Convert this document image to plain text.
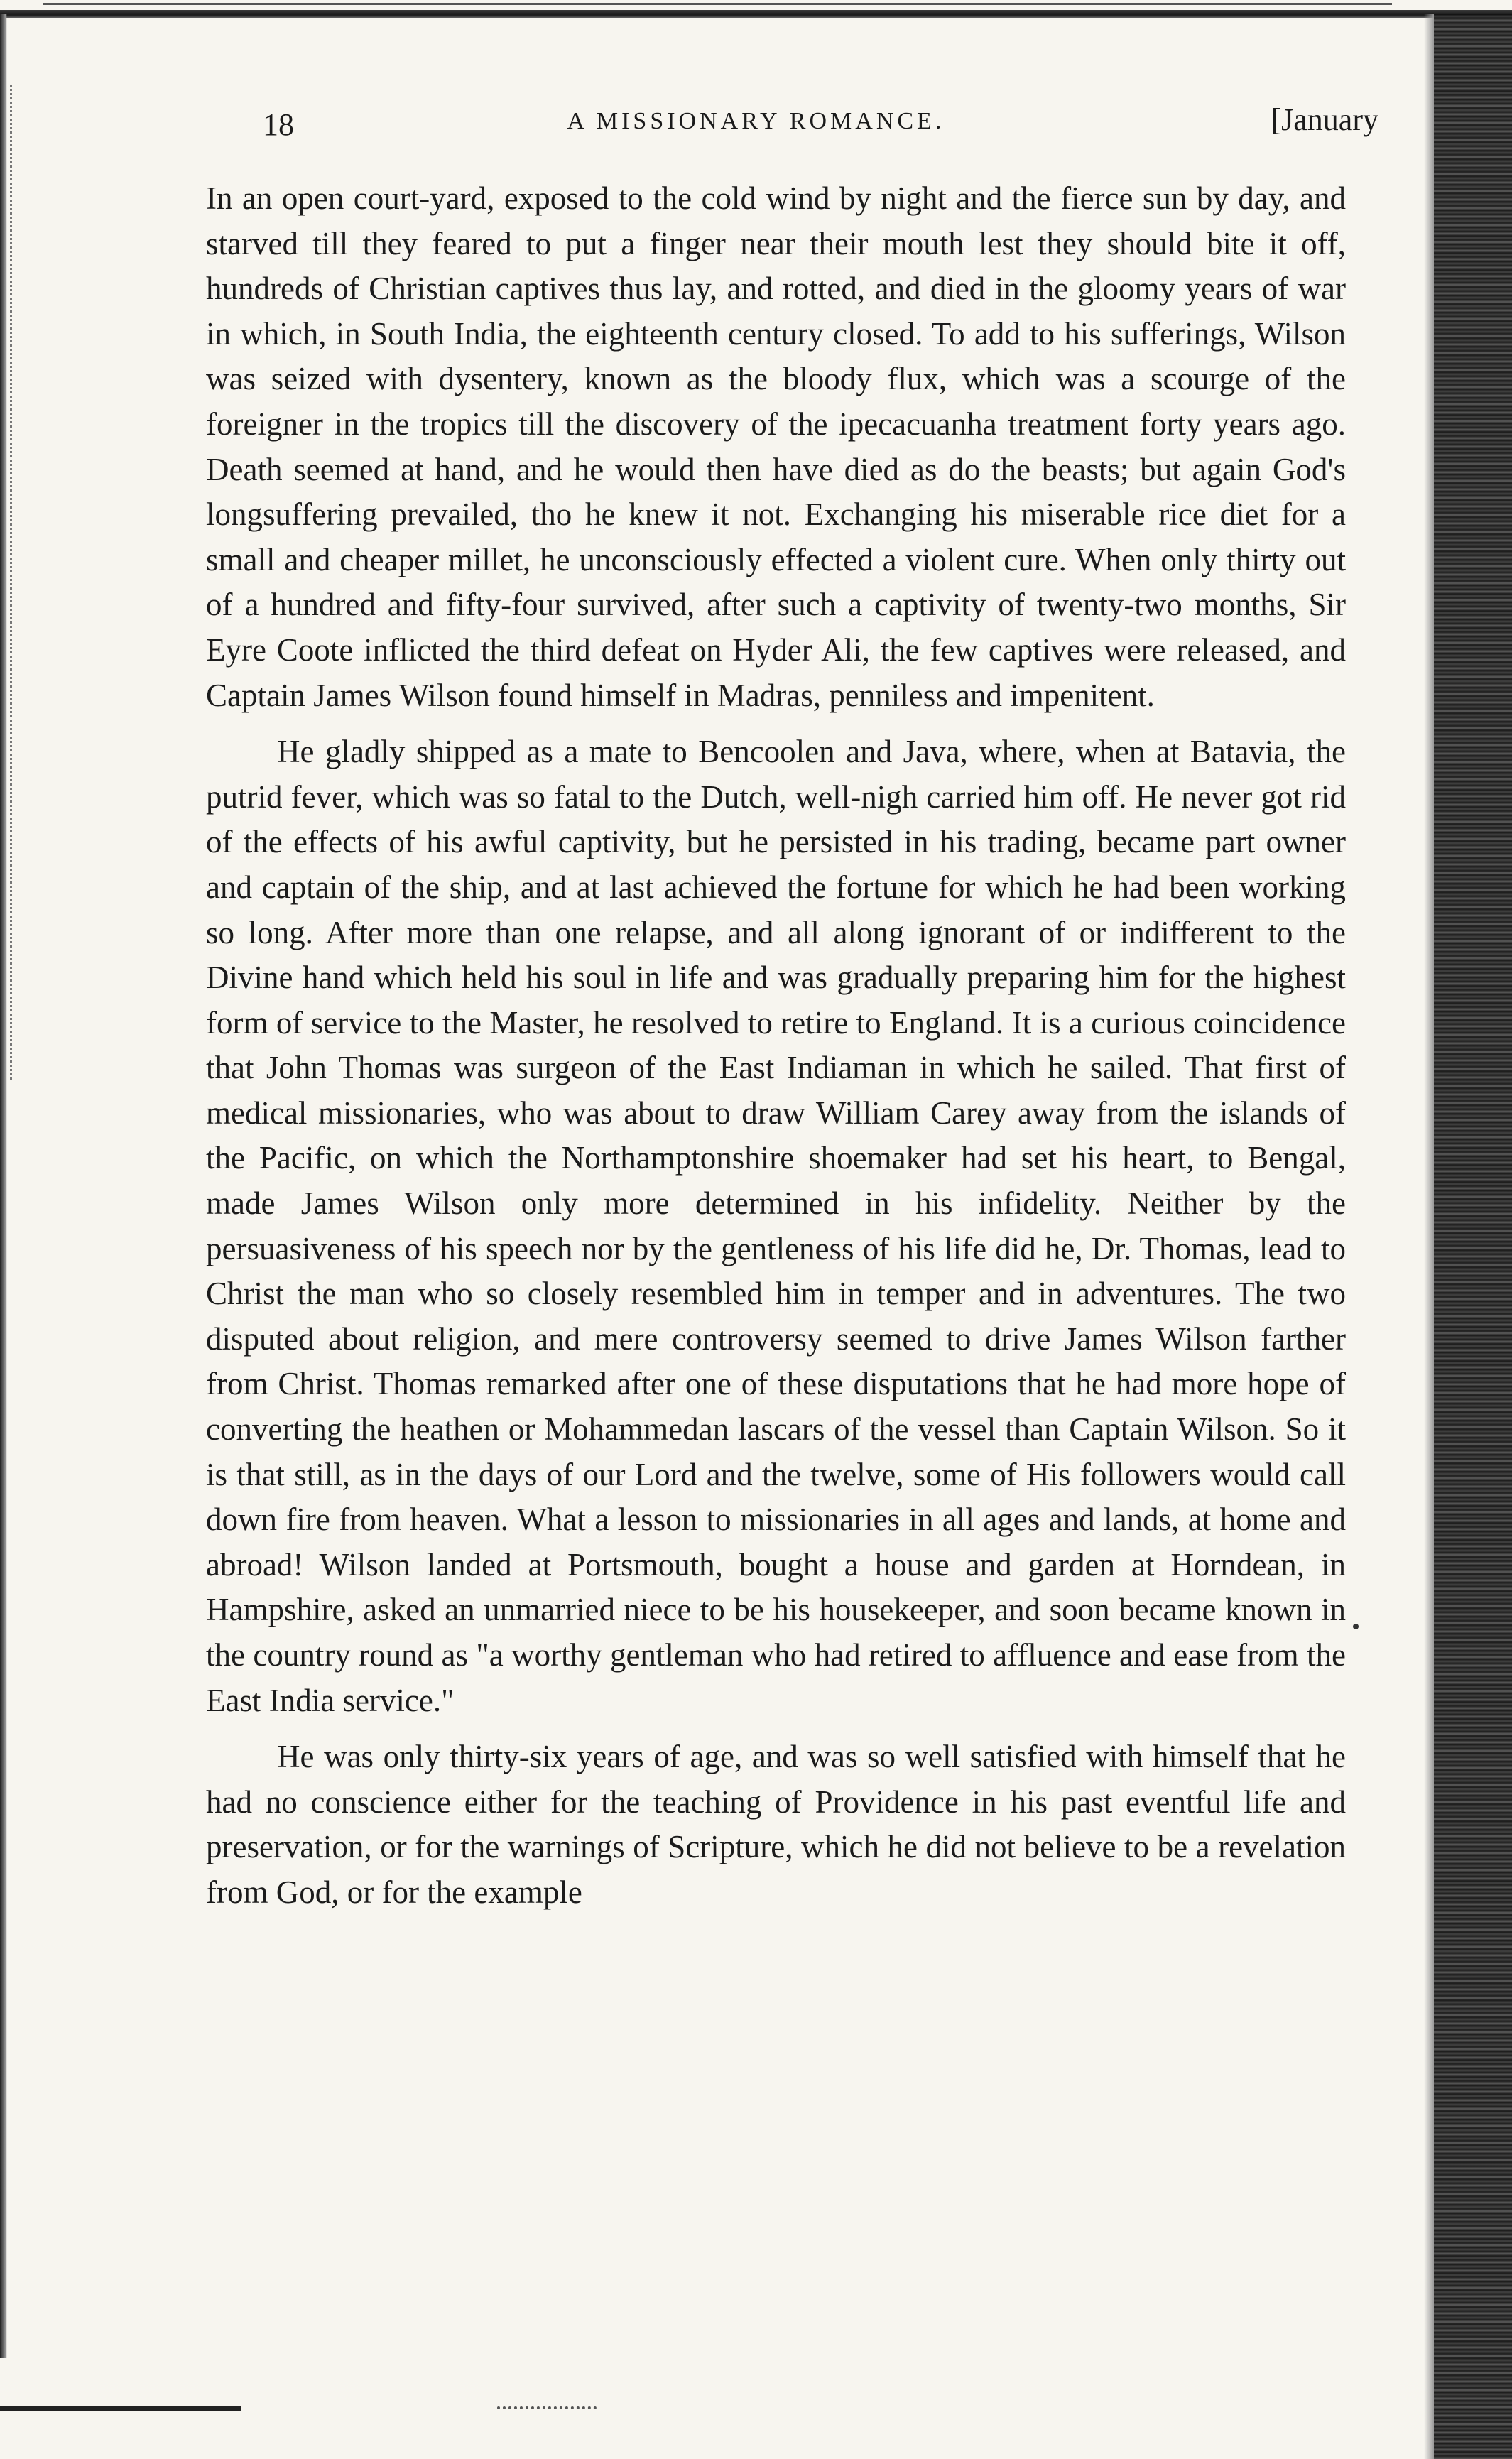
18	A MISSIONARY ROMANCE.	[January

In an open court-yard, exposed to the cold wind by night and the fierce sun by day, and starved till they feared to put a finger near their mouth lest they should bite it off, hundreds of Christian captives thus lay, and rotted, and died in the gloomy years of war in which, in South India, the eighteenth century closed. To add to his sufferings, Wilson was seized with dysentery, known as the bloody flux, which was a scourge of the foreigner in the tropics till the discovery of the ipecacuanha treatment forty years ago. Death seemed at hand, and he would then have died as do the beasts; but again God's longsuffering prevailed, tho he knew it not. Exchanging his miserable rice diet for a small and cheaper millet, he unconsciously effected a violent cure. When only thirty out of a hundred and fifty-four survived, after such a captivity of twenty-two months, Sir Eyre Coote inflicted the third defeat on Hyder Ali, the few captives were released, and Captain James Wilson found himself in Madras, penniless and impenitent.

He gladly shipped as a mate to Bencoolen and Java, where, when at Batavia, the putrid fever, which was so fatal to the Dutch, well-nigh carried him off. He never got rid of the effects of his awful captivity, but he persisted in his trading, became part owner and captain of the ship, and at last achieved the fortune for which he had been working so long. After more than one relapse, and all along ignorant of or indifferent to the Divine hand which held his soul in life and was gradually preparing him for the highest form of service to the Master, he resolved to retire to England. It is a curious coincidence that John Thomas was surgeon of the East Indiaman in which he sailed. That first of medical missionaries, who was about to draw William Carey away from the islands of the Pacific, on which the Northamptonshire shoemaker had set his heart, to Bengal, made James Wilson only more determined in his infidelity. Neither by the persuasiveness of his speech nor by the gentleness of his life did he, Dr. Thomas, lead to Christ the man who so closely resembled him in temper and in adventures. The two disputed about religion, and mere controversy seemed to drive James Wilson farther from Christ. Thomas remarked after one of these disputations that he had more hope of converting the heathen or Mohammedan lascars of the vessel than Captain Wilson. So it is that still, as in the days of our Lord and the twelve, some of His followers would call down fire from heaven. What a lesson to missionaries in all ages and lands, at home and abroad! Wilson landed at Portsmouth, bought a house and garden at Horndean, in Hampshire, asked an unmarried niece to be his housekeeper, and soon became known in the country round as "a worthy gentleman who had retired to affluence and ease from the East India service."

He was only thirty-six years of age, and was so well satisfied with himself that he had no conscience either for the teaching of Providence in his past eventful life and preservation, or for the warnings of Scripture, which he did not believe to be a revelation from God, or for the example
